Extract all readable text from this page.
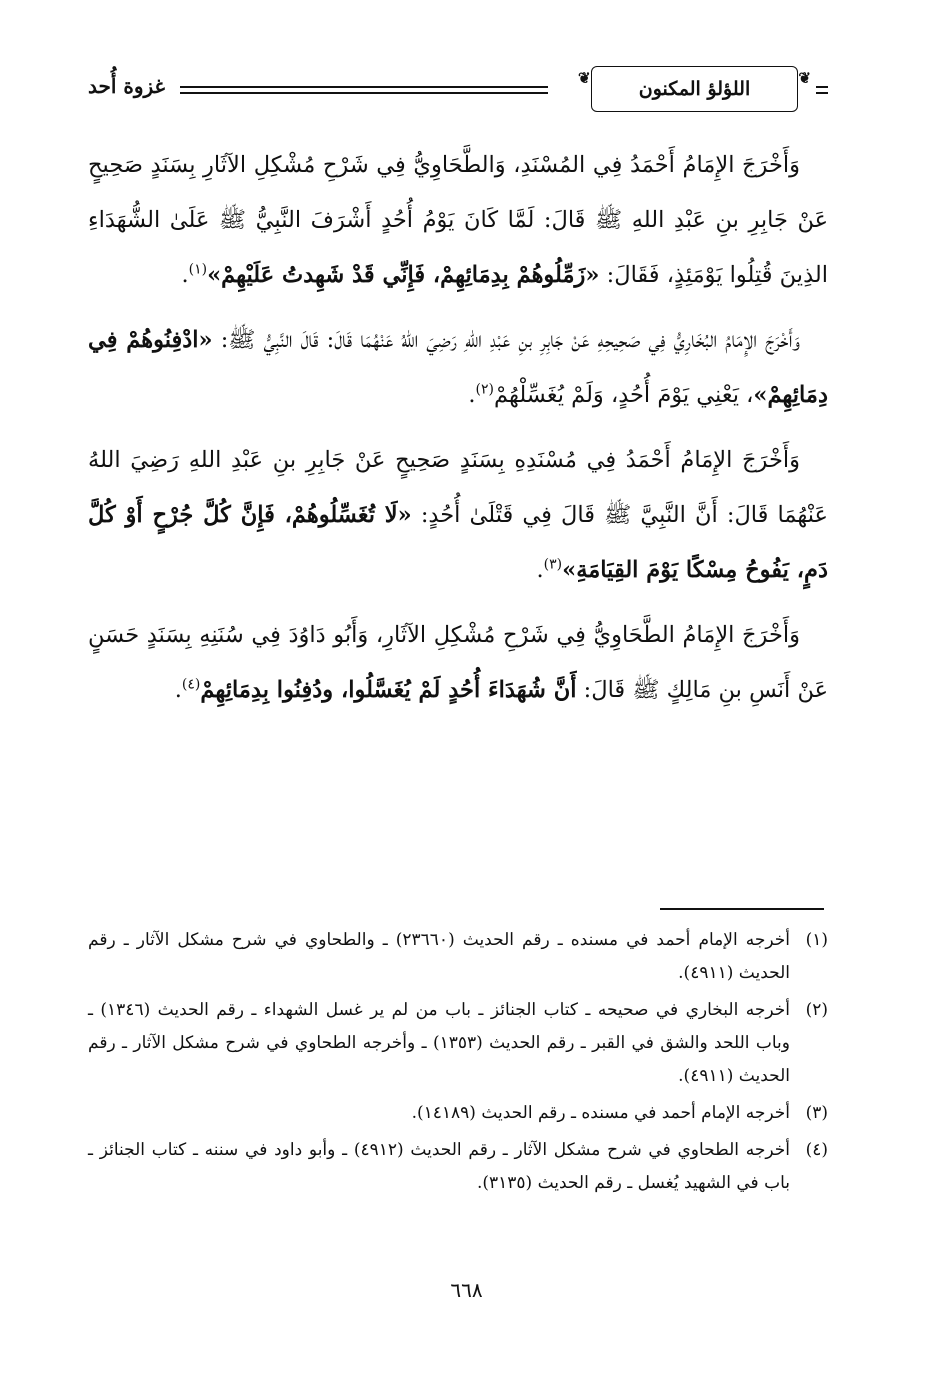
❦
اللؤلؤ المكنون
❦
غزوة أُحد

وَأَخْرَجَ الإِمَامُ أَحْمَدُ فِي المُسْنَدِ، وَالطَّحَاوِيُّ فِي شَرْحِ مُشْكِلِ الآثَارِ بِسَنَدٍ صَحِيحٍ عَنْ جَابِرِ بنِ عَبْدِ اللهِ ﷺ قَالَ: لَمَّا كَانَ يَوْمُ أُحُدٍ أَشْرَفَ النَّبِيُّ ﷺ عَلَىٰ الشُّهَدَاءِ الذِينَ قُتِلُوا يَوْمَئِذٍ، فَقَالَ: «زَمِّلُوهُمْ بِدِمَائِهِمْ، فَإِنِّي قَدْ شَهِدتُ عَلَيْهِمْ»$^{(١)}$.

وَأَخْرَجَ الإِمَامُ البُخَارِيُّ فِي صَحِيحِهِ عَنْ جَابِرِ بنِ عَبْدِ اللهِ رَضِيَ اللهُ عَنْهُمَا قَالَ: قَالَ النَّبِيُّ ﷺ: «ادْفِنُوهُمْ فِي دِمَائِهِمْ»، يَعْنِي يَوْمَ أُحُدٍ، وَلَمْ يُغَسِّلْهُمْ$^{(٢)}$.

وَأَخْرَجَ الإِمَامُ أَحْمَدُ فِي مُسْنَدِهِ بِسَنَدٍ صَحِيحٍ عَنْ جَابِرِ بنِ عَبْدِ اللهِ رَضِيَ اللهُ عَنْهُمَا قَالَ: أَنَّ النَّبِيَّ ﷺ قَالَ فِي قَتْلَىٰ أُحُدٍ: «لَا تُغَسِّلُوهُمْ، فَإِنَّ كُلَّ جُرْحٍ أَوْ كُلَّ دَمٍ، يَفُوحُ مِسْكًا يَوْمَ القِيَامَةِ»$^{(٣)}$.

وَأَخْرَجَ الإِمَامُ الطَّحَاوِيُّ فِي شَرْحِ مُشْكِلِ الآثَارِ، وَأَبُو دَاوُدَ فِي سُنَنِهِ بِسَنَدٍ حَسَنٍ عَنْ أَنَسِ بنِ مَالِكٍ ﷺ قَالَ: أَنَّ شُهَدَاءَ أُحُدٍ لَمْ يُغَسَّلُوا، ودُفِنُوا بِدِمَائِهِمْ$^{(٤)}$.

(١)
أخرجه الإمام أحمد في مسنده ـ رقم الحديث (٢٣٦٦٠) ـ والطحاوي في شرح مشكل الآثار ـ رقم الحديث (٤٩١١).
(٢)
أخرجه البخاري في صحيحه ـ كتاب الجنائز ـ باب من لم ير غسل الشهداء ـ رقم الحديث (١٣٤٦) ـ وباب اللحد والشق في القبر ـ رقم الحديث (١٣٥٣) ـ وأخرجه الطحاوي في شرح مشكل الآثار ـ رقم الحديث (٤٩١١).
(٣)
أخرجه الإمام أحمد في مسنده ـ رقم الحديث (١٤١٨٩).
(٤)
أخرجه الطحاوي في شرح مشكل الآثار ـ رقم الحديث (٤٩١٢) ـ وأبو داود في سننه ـ كتاب الجنائز ـ باب في الشهيد يُغسل ـ رقم الحديث (٣١٣٥).
٦٦٨
